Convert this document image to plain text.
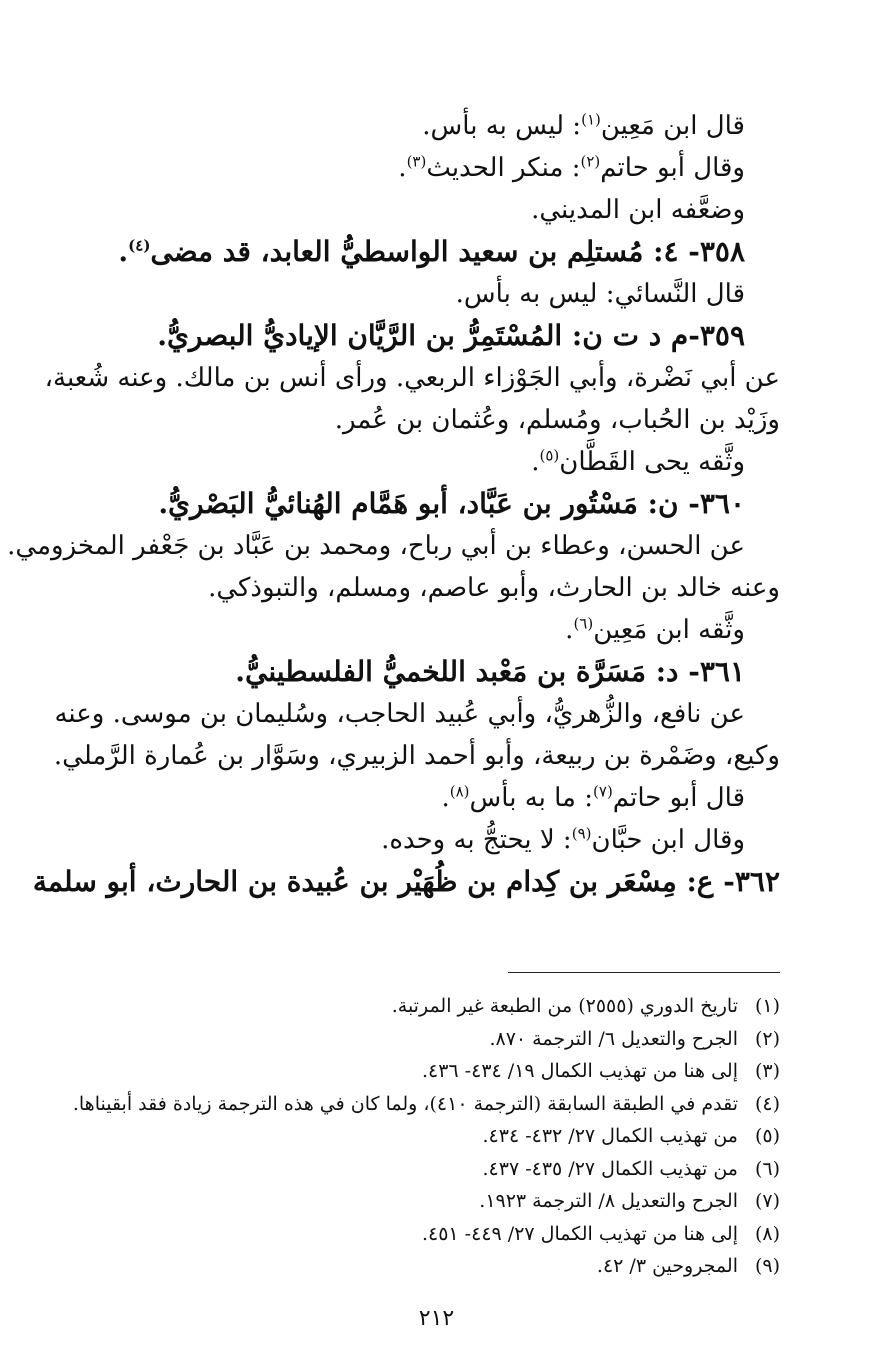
قال ابن مَعِين$^{(١)}$: ليس به بأس.
وقال أبو حاتم$^{(٢)}$: منكر الحديث$^{(٣)}$.
وضعَّفه ابن المديني.
٣٥٨- ٤: مُستلِم بن سعيد الواسطيُّ العابد، قد مضى$^{(٤)}$.
قال النَّسائي: ليس به بأس.
٣٥٩-م د ت ن: المُسْتَمِرُّ بن الرَّيَّان الإياديُّ البصريُّ.
عن أبي نَضْرة، وأبي الجَوْزاء الربعي. ورأى أنس بن مالك. وعنه شُعبة،
وزَيْد بن الحُباب، ومُسلم، وعُثمان بن عُمر.
وثَّقه يحى القَطَّان$^{(٥)}$.
٣٦٠- ن: مَسْتُور بن عَبَّاد، أبو هَمَّام الهُنائيُّ البَصْريُّ.
عن الحسن، وعطاء بن أبي رباح، ومحمد بن عَبَّاد بن جَعْفر المخزومي.
وعنه خالد بن الحارث، وأبو عاصم، ومسلم، والتبوذكي.
وثَّقه ابن مَعِين$^{(٦)}$.
٣٦١- د: مَسَرَّة بن مَعْبد اللخميُّ الفلسطينيُّ.
عن نافع، والزُّهريُّ، وأبي عُبيد الحاجب، وسُليمان بن موسى. وعنه
وكيع، وضَمْرة بن ربيعة، وأبو أحمد الزبيري، وسَوَّار بن عُمارة الرَّملي.
قال أبو حاتم$^{(٧)}$: ما به بأس$^{(٨)}$.
وقال ابن حبَّان$^{(٩)}$: لا يحتجُّ به وحده.
٣٦٢- ع: مِسْعَر بن كِدام بن ظُهَيْر بن عُبيدة بن الحارث، أبو سلمة
(١)تاريخ الدوري (٢٥٥٥) من الطبعة غير المرتبة.
(٢)الجرح والتعديل ٦/ الترجمة ٨٧٠.
(٣)إلى هنا من تهذيب الكمال ١٩/ ٤٣٤- ٤٣٦.
(٤)تقدم في الطبقة السابقة (الترجمة ٤١٠)، ولما كان في هذه الترجمة زيادة فقد أبقيناها.
(٥)من تهذيب الكمال ٢٧/ ٤٣٢- ٤٣٤.
(٦)من تهذيب الكمال ٢٧/ ٤٣٥- ٤٣٧.
(٧)الجرح والتعديل ٨/ الترجمة ١٩٢٣.
(٨)إلى هنا من تهذيب الكمال ٢٧/ ٤٤٩- ٤٥١.
(٩)المجروحين ٣/ ٤٢.
٢١٢
